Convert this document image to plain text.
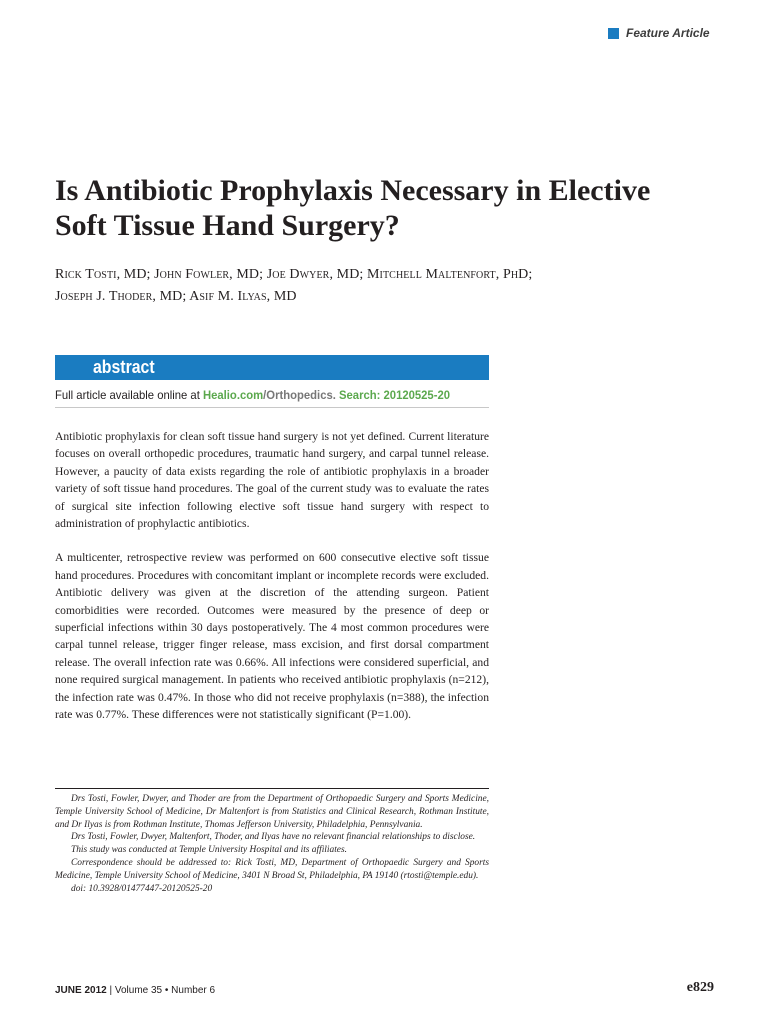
Feature Article
Is Antibiotic Prophylaxis Necessary in Elective Soft Tissue Hand Surgery?
Rick Tosti, MD; John Fowler, MD; Joe Dwyer, MD; Mitchell Maltenfort, PhD;
Joseph J. Thoder, MD; Asif M. Ilyas, MD
abstract
Full article available online at Healio.com/Orthopedics. Search: 20120525-20

Antibiotic prophylaxis for clean soft tissue hand surgery is not yet defined. Current literature focuses on overall orthopedic procedures, traumatic hand surgery, and carpal tunnel release. However, a paucity of data exists regarding the role of antibiotic prophylaxis in a broader variety of soft tissue hand procedures. The goal of the current study was to evaluate the rates of surgical site infection following elective soft tissue hand surgery with respect to administration of prophylactic antibiotics.

A multicenter, retrospective review was performed on 600 consecutive elective soft tissue hand procedures. Procedures with concomitant implant or incomplete records were excluded. Antibiotic delivery was given at the discretion of the attending surgeon. Patient comorbidities were recorded. Outcomes were measured by the presence of deep or superficial infections within 30 days postoperatively. The 4 most common procedures were carpal tunnel release, trigger finger release, mass excision, and first dorsal compartment release. The overall infection rate was 0.66%. All infections were considered superficial, and none required surgical management. In patients who received antibiotic prophylaxis (n=212), the infection rate was 0.47%. In those who did not receive prophylaxis (n=388), the infection rate was 0.77%. These differences were not statistically significant (P=1.00).

Drs Tosti, Fowler, Dwyer, and Thoder are from the Department of Orthopaedic Surgery and Sports Medicine, Temple University School of Medicine, Dr Maltenfort is from Statistics and Clinical Research, Rothman Institute, and Dr Ilyas is from Rothman Institute, Thomas Jefferson University, Philadelphia, Pennsylvania.

Drs Tosti, Fowler, Dwyer, Maltenfort, Thoder, and Ilyas have no relevant financial relationships to disclose.

This study was conducted at Temple University Hospital and its affiliates.

Correspondence should be addressed to: Rick Tosti, MD, Department of Orthopaedic Surgery and Sports Medicine, Temple University School of Medicine, 3401 N Broad St, Philadelphia, PA 19140 (rtosti@temple.edu).

doi: 10.3928/01477447-20120525-20

JUNE 2012 | Volume 35 • Number 6	e829
